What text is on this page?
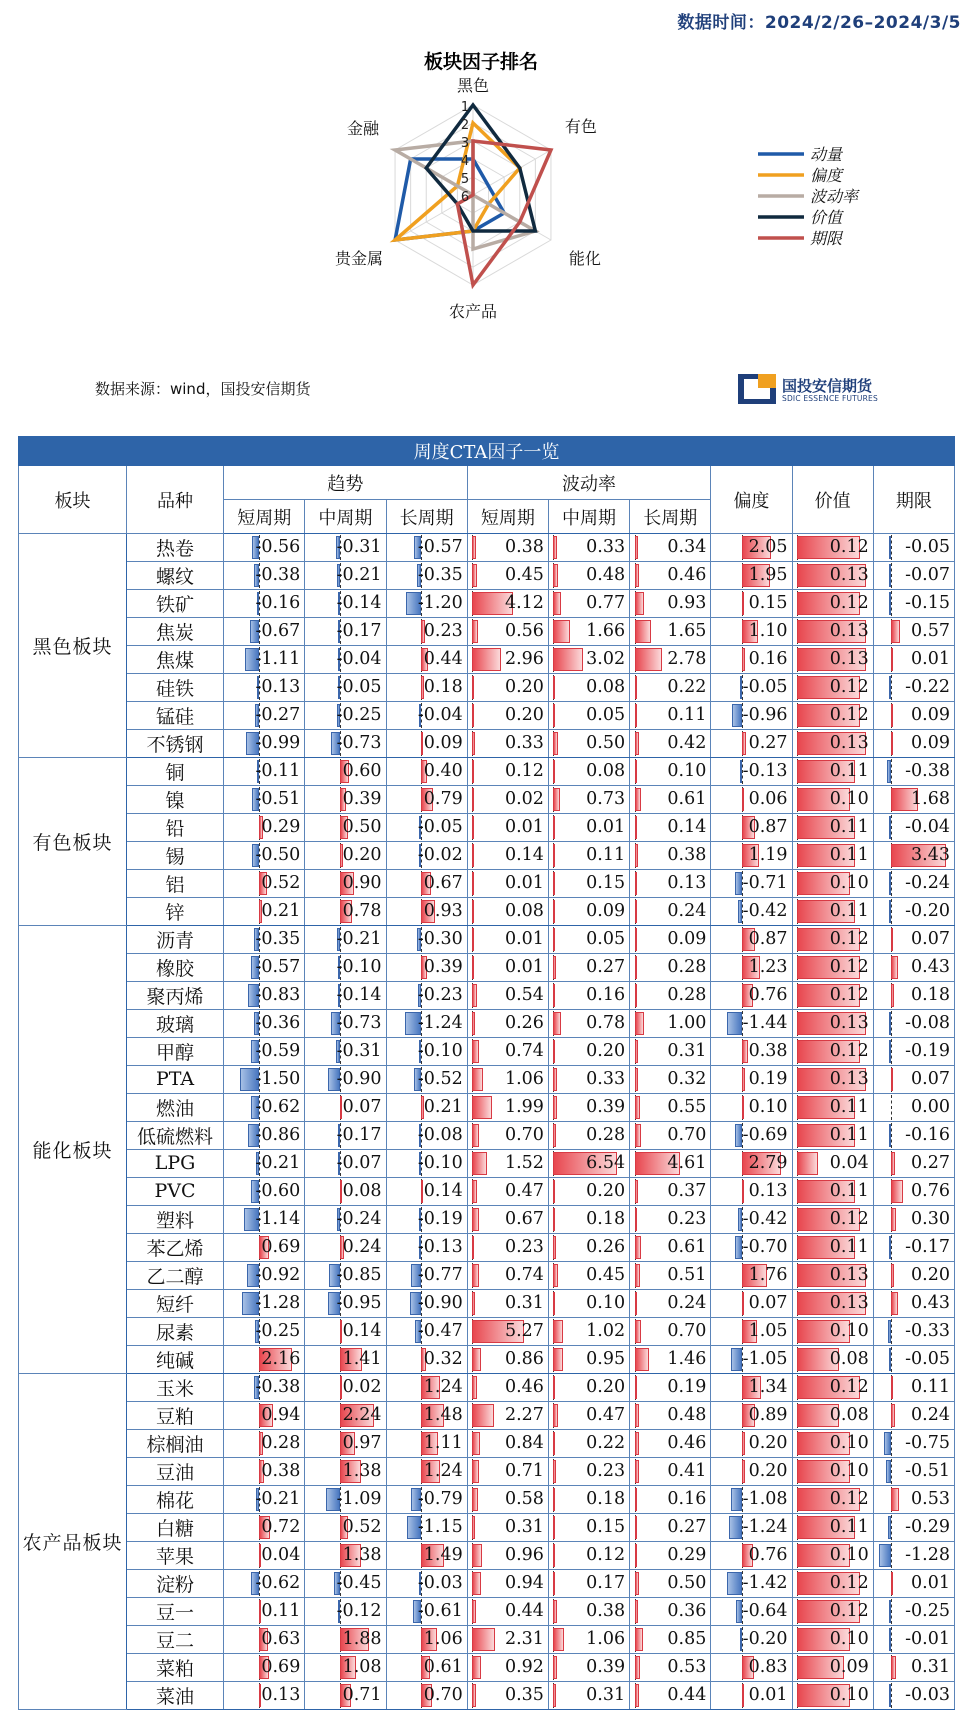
数据时间：2024/2/26–2024/3/5
板块因子排名
1
2
3
4
5
6
黑色
有色
能化
农产品
贵金属
金融
动量
偏度
波动率
价值
期限
数据来源：wind，国投安信期货	国投安信期货
SDIC ESSENCE FUTURES
周度CTA因子一览										
板块	品种	趋势			波动率			偏度	价值	期限
		短周期	中周期	长周期	短周期	中周期	长周期			
黑色板块	热卷	-0.56	-0.31	-0.57	0.38	0.33	0.34	2.05	0.12	-0.05

	螺纹	-0.38	-0.21	-0.35	0.45	0.48	0.46	1.95	0.13	-0.07

	铁矿	-0.16	-0.14	-1.20	4.12	0.77	0.93	0.15	0.12	-0.15

	焦炭	-0.67	-0.17	0.23	0.56	1.66	1.65	1.10	0.13	0.57

	焦煤	-1.11	-0.04	0.44	2.96	3.02	2.78	0.16	0.13	0.01

	硅铁	-0.13	-0.05	0.18	0.20	0.08	0.22	-0.05	0.12	-0.22

	锰硅	-0.27	-0.25	-0.04	0.20	0.05	0.11	-0.96	0.12	0.09

	不锈钢	-0.99	-0.73	0.09	0.33	0.50	0.42	0.27	0.13	0.09

有色板块	铜	-0.11	0.60	0.40	0.12	0.08	0.10	-0.13	0.11	-0.38

	镍	-0.51	0.39	0.79	0.02	0.73	0.61	0.06	0.10	1.68

	铅	0.29	0.50	-0.05	0.01	0.01	0.14	0.87	0.11	-0.04

	锡	-0.50	0.20	-0.02	0.14	0.11	0.38	1.19	0.11	3.43

	铝	0.52	0.90	0.67	0.01	0.15	0.13	-0.71	0.10	-0.24

	锌	0.21	0.78	0.93	0.08	0.09	0.24	-0.42	0.11	-0.20

能化板块	沥青	-0.35	-0.21	-0.30	0.01	0.05	0.09	0.87	0.12	0.07

	橡胶	-0.57	-0.10	0.39	0.01	0.27	0.28	1.23	0.12	0.43

	聚丙烯	-0.83	-0.14	-0.23	0.54	0.16	0.28	0.76	0.12	0.18

	玻璃	-0.36	-0.73	-1.24	0.26	0.78	1.00	-1.44	0.13	-0.08

	甲醇	-0.59	-0.31	-0.10	0.74	0.20	0.31	0.38	0.12	-0.19

	PTA	-1.50	-0.90	-0.52	1.06	0.33	0.32	0.19	0.13	0.07

	燃油	-0.62	0.07	0.21	1.99	0.39	0.55	0.10	0.11	0.00

	低硫燃料	-0.86	-0.17	-0.08	0.70	0.28	0.70	-0.69	0.11	-0.16

	LPG	-0.21	-0.07	-0.10	1.52	6.54	4.61	2.79	0.04	0.27

	PVC	-0.60	0.08	0.14	0.47	0.20	0.37	0.13	0.11	0.76

	塑料	-1.14	-0.24	-0.19	0.67	0.18	0.23	-0.42	0.12	0.30

	苯乙烯	0.69	0.24	-0.13	0.23	0.26	0.61	-0.70	0.11	-0.17

	乙二醇	-0.92	-0.85	-0.77	0.74	0.45	0.51	1.76	0.13	0.20

	短纤	-1.28	-0.95	-0.90	0.31	0.10	0.24	0.07	0.13	0.43

	尿素	-0.25	0.14	-0.47	5.27	1.02	0.70	1.05	0.10	-0.33

	纯碱	2.16	1.41	0.32	0.86	0.95	1.46	-1.05	0.08	-0.05

农产品板块	玉米	-0.38	0.02	1.24	0.46	0.20	0.19	1.34	0.12	0.11

	豆粕	0.94	2.24	1.48	2.27	0.47	0.48	0.89	0.08	0.24

	棕榈油	0.28	0.97	1.11	0.84	0.22	0.46	0.20	0.10	-0.75

	豆油	0.38	1.38	1.24	0.71	0.23	0.41	0.20	0.10	-0.51

	棉花	-0.21	-1.09	-0.79	0.58	0.18	0.16	-1.08	0.12	0.53

	白糖	0.72	0.52	-1.15	0.31	0.15	0.27	-1.24	0.11	-0.29

	苹果	0.04	1.38	1.49	0.96	0.12	0.29	0.76	0.10	-1.28

	淀粉	-0.62	-0.45	-0.03	0.94	0.17	0.50	-1.42	0.12	0.01

	豆一	0.11	-0.12	-0.61	0.44	0.38	0.36	-0.64	0.12	-0.25

	豆二	0.63	1.88	1.06	2.31	1.06	0.85	-0.20	0.10	-0.01

	菜粕	0.69	1.08	0.61	0.92	0.39	0.53	0.83	0.09	0.31

	菜油	0.13	0.71	0.70	0.35	0.31	0.44	0.01	0.10	-0.03
